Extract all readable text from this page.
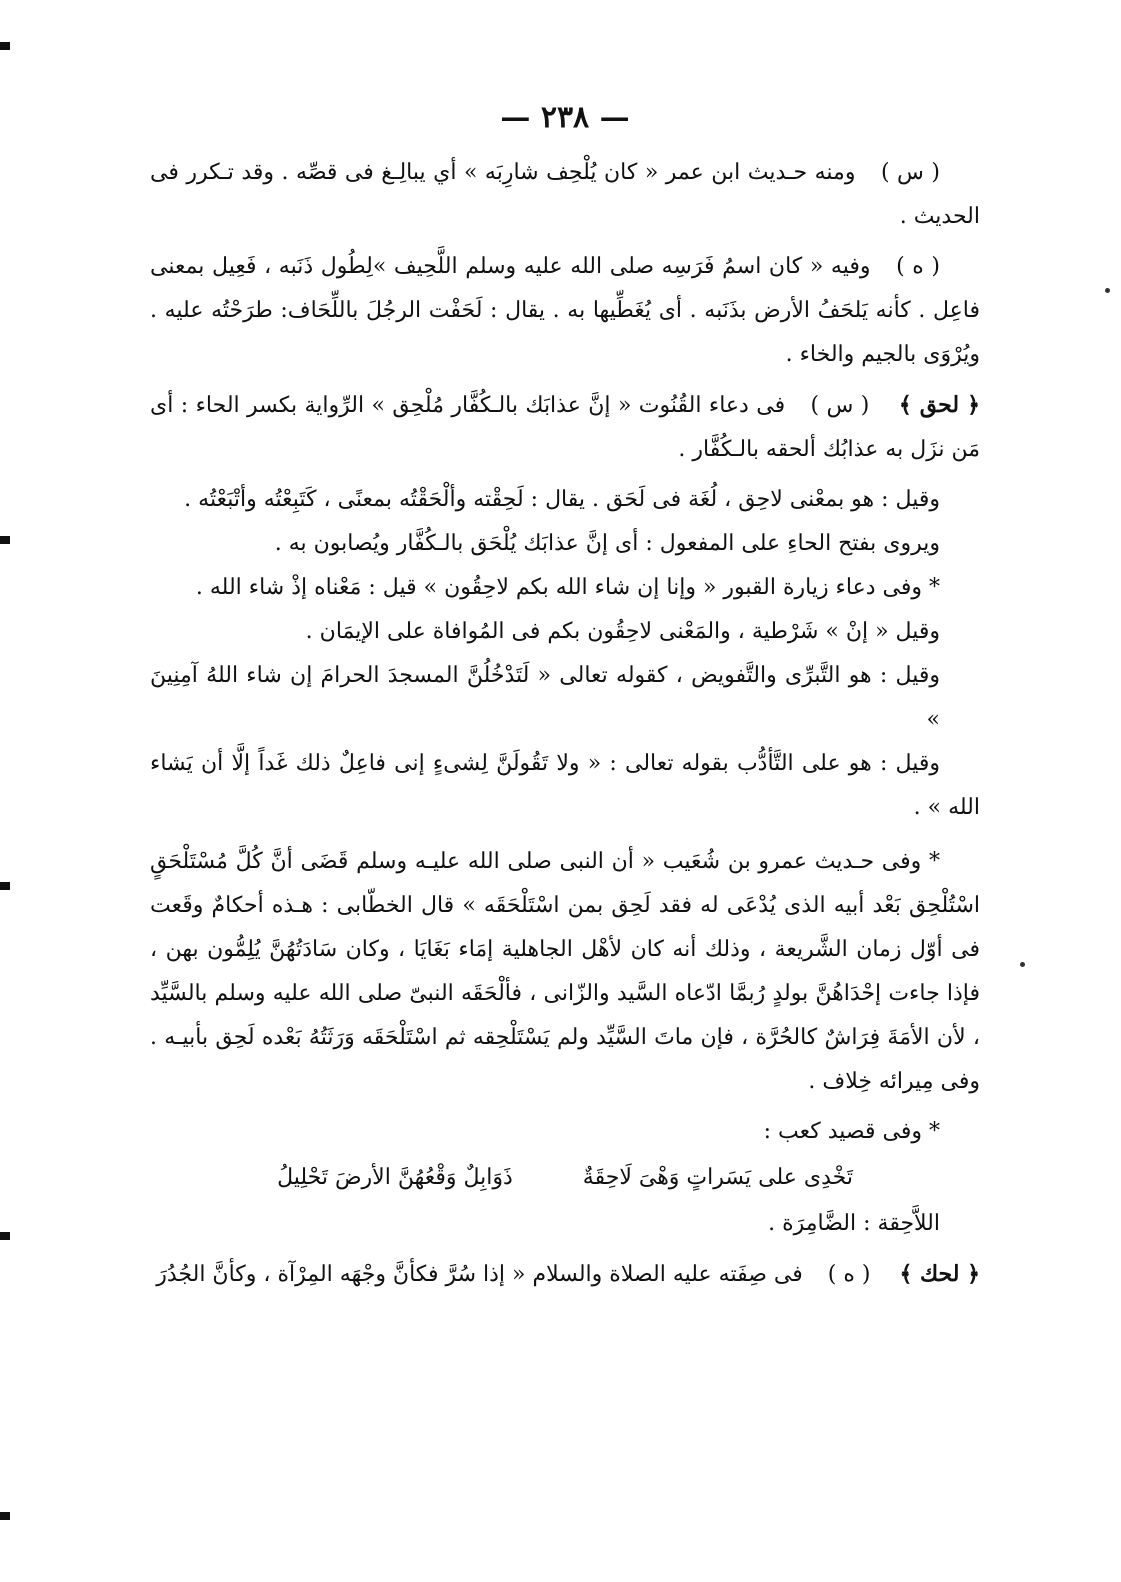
— ٢٣٨ —

( س ) ومنه حـديث ابن عمر « كان يُلْحِف شارِبَه » أي يبالِـغ فى قصِّه . وقد تـكرر فى الحديث .

( ه ) وفيه « كان اسمُ فَرَسِه صلى الله عليه وسلم اللَّحِيف »لِطُول ذَنَبه ، فَعِيل بمعنى فاعِل . كأنه يَلحَفُ الأرض بذَنَبه . أى يُغَطِّيها به . يقال : لَحَفْت الرجُلَ باللِّحَاف: طرَحْتُه عليه . ويُرْوَى بالجيم والخاء .

﴿ لحق ﴾ ( س ) فى دعاء القُنُوت « إنَّ عذابَك بالـكُفَّار مُلْحِق » الرِّواية بكسر الحاء : أى مَن نزَل به عذابُك ألحقه بالـكُفَّار .

وقيل : هو بمعْنى لاحِق ، لُغَة فى لَحَق . يقال : لَحِقْته وألْحَقْتُه بمعنًى ، كَتَبِعْتُه وأتْبَعْتُه .

ويروى بفتح الحاءِ على المفعول : أى إنَّ عذابَك يُلْحَق بالـكُفَّار ويُصابون به .

* وفى دعاء زيارة القبور « وإنا إن شاء الله بكم لاحِقُون » قيل : مَعْناه إذْ شاء الله .

وقيل « إنْ » شَرْطية ، والمَعْنى لاحِقُون بكم فى المُوافاة على الإيمَان .

وقيل : هو التَّبرِّى والتَّفويض ، كقوله تعالى « لَتَدْخُلُنَّ المسجدَ الحرامَ إن شاء اللهُ آمِنِينَ »

وقيل : هو على التَّأدُّب بقوله تعالى : « ولا تَقُولَنَّ لِشىءٍ إنى فاعِلٌ ذلك غَداً إلَّا أن يَشاء الله » .

* وفى حـديث عمرو بن شُعَيب « أن النبى صلى الله عليـه وسلم قَضَى أنَّ كُلَّ مُسْتَلْحَقٍ اسْتُلْحِق بَعْد أبيه الذى يُدْعَى له فقد لَحِق بمن اسْتَلْحَقَه » قال الخطّابى : هـذه أحكامٌ وقَعت فى أوّل زمان الشَّريعة ، وذلك أنه كان لأهْل الجاهلية إمَاء بَغَايَا ، وكان سَادَتُهُنَّ يُلِمُّون بهن ، فإذا جاءت إحْدَاهُنَّ بولدٍ رُبمَّا ادّعاه السَّيد والزّانى ، فألْحَقَه النبىّ صلى الله عليه وسلم بالسَّيِّد ، لأن الأمَةَ فِرَاشٌ كالحُرَّة ، فإن ماتَ السَّيِّد ولم يَسْتَلْحِقه ثم اسْتَلْحَقَه وَرَثَتُهُ بَعْده لَحِق بأبيـه . وفى مِيرائه خِلاف .

* وفى قصيد كعب :

تَخْدِى على يَسَراتٍ وَهْىَ لَاحِقَةٌ
ذَوَابِلٌ وَقْعُهُنَّ الأرضَ تَحْلِيلُ

اللاَّحِقة : الضَّامِرَة .

﴿ لحك ﴾ ( ه ) فى صِفَته عليه الصلاة والسلام « إذا سُرَّ فكأنَّ وجْهَه المِرْآة ، وكأنَّ الجُدُرَ
